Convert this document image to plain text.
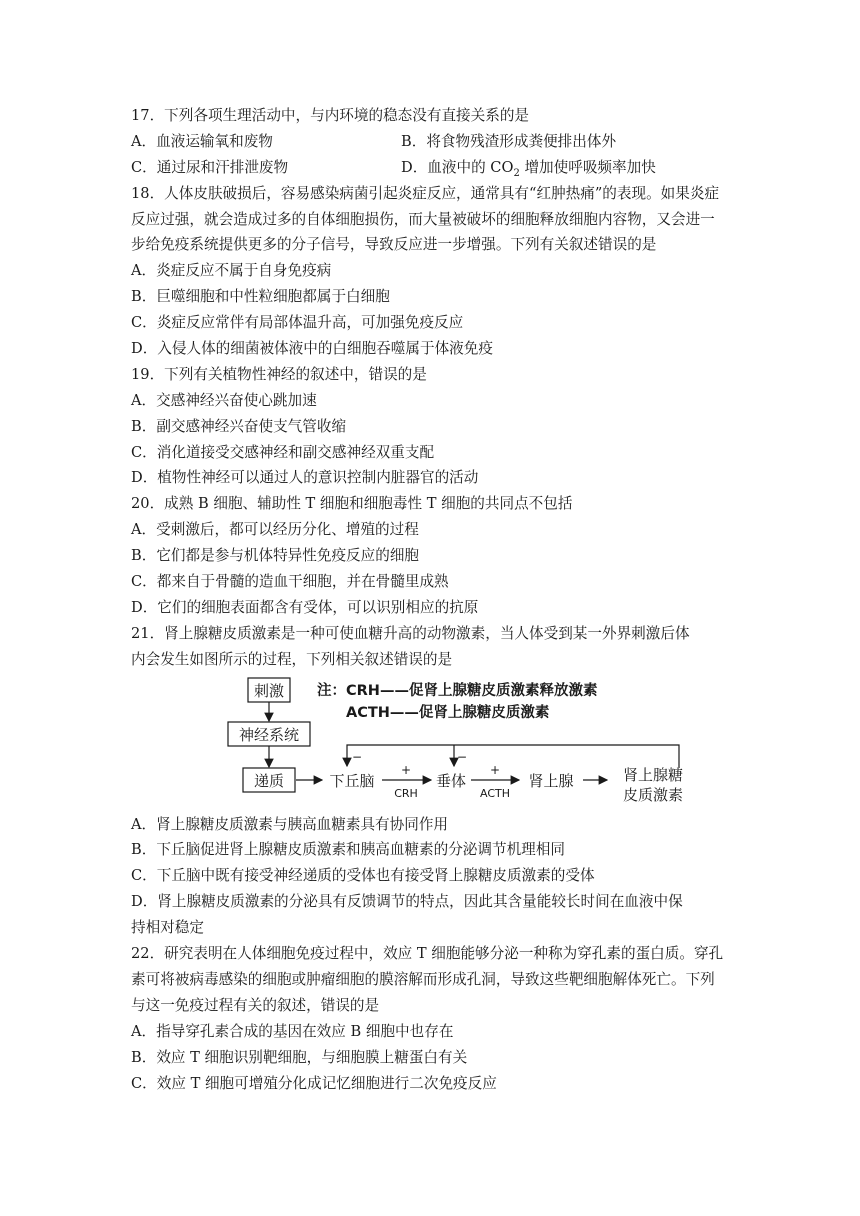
17．下列各项生理活动中，与内环境的稳态没有直接关系的是
A．血液运输氧和废物	B．将食物残渣形成粪便排出体外
C．通过尿和汗排泄废物	D．血液中的 $CO_2$ 增加使呼吸频率加快
18．人体皮肤破损后，容易感染病菌引起炎症反应，通常具有“红肿热痛”的表现。如果炎症
反应过强，就会造成过多的自体细胞损伤，而大量被破坏的细胞释放细胞内容物，又会进一
步给免疫系统提供更多的分子信号，导致反应进一步增强。下列有关叙述错误的是
A．炎症反应不属于自身免疫病
B．巨噬细胞和中性粒细胞都属于白细胞
C．炎症反应常伴有局部体温升高，可加强免疫反应
D．入侵人体的细菌被体液中的白细胞吞噬属于体液免疫
19．下列有关植物性神经的叙述中，错误的是
A．交感神经兴奋使心跳加速
B．副交感神经兴奋使支气管收缩
C．消化道接受交感神经和副交感神经双重支配
D．植物性神经可以通过人的意识控制内脏器官的活动
20．成熟 B 细胞、辅助性 T 细胞和细胞毒性 T 细胞的共同点不包括
A．受刺激后，都可以经历分化、增殖的过程
B．它们都是参与机体特异性免疫反应的细胞
C．都来自于骨髓的造血干细胞，并在骨髓里成熟
D．它们的细胞表面都含有受体，可以识别相应的抗原
21．肾上腺糖皮质激素是一种可使血糖升高的动物激素，当人体受到某一外界刺激后体
内会发生如图所示的过程，下列相关叙述错误的是
刺激
神经系统
递质	下丘脑	垂体	肾上腺	肾上腺糖
皮质激素
+
CRH
+
ACTH
−	−
注：CRH——促肾上腺糖皮质激素释放激素
ACTH——促肾上腺糖皮质激素
A．肾上腺糖皮质激素与胰高血糖素具有协同作用
B．下丘脑促进肾上腺糖皮质激素和胰高血糖素的分泌调节机理相同
C．下丘脑中既有接受神经递质的受体也有接受肾上腺糖皮质激素的受体
D．肾上腺糖皮质激素的分泌具有反馈调节的特点，因此其含量能较长时间在血液中保
持相对稳定
22．研究表明在人体细胞免疫过程中，效应 T 细胞能够分泌一种称为穿孔素的蛋白质。穿孔
素可将被病毒感染的细胞或肿瘤细胞的膜溶解而形成孔洞，导致这些靶细胞解体死亡。下列
与这一免疫过程有关的叙述，错误的是
A．指导穿孔素合成的基因在效应 B 细胞中也存在
B．效应 T 细胞识别靶细胞，与细胞膜上糖蛋白有关
C．效应 T 细胞可增殖分化成记忆细胞进行二次免疫反应
